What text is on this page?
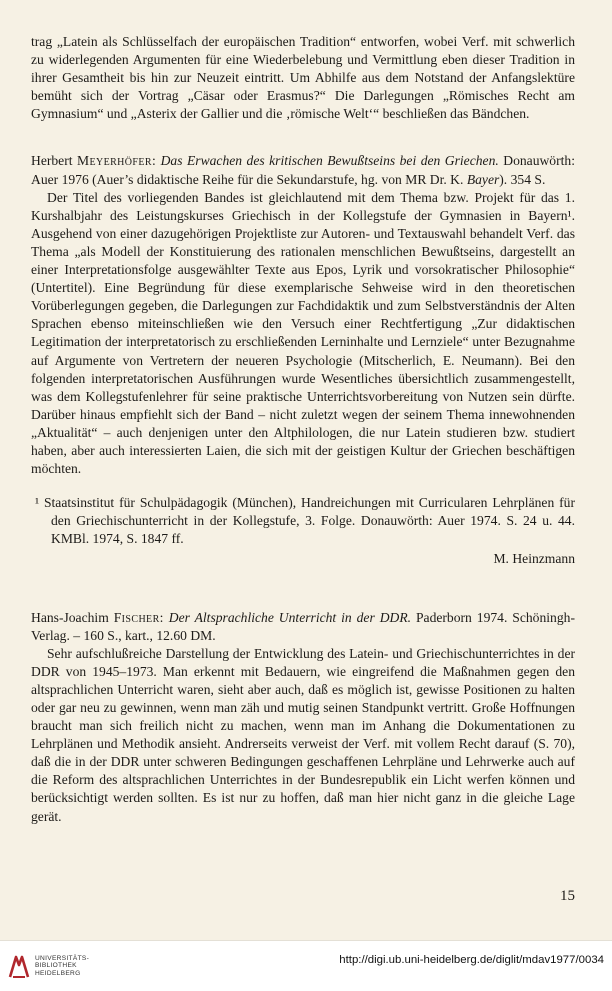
trag „Latein als Schlüsselfach der europäischen Tradition“ entworfen, wobei Verf. mit schwerlich zu widerlegenden Argumenten für eine Wiederbelebung und Vermittlung eben dieser Tradition in ihrer Gesamtheit bis hin zur Neuzeit eintritt. Um Abhilfe aus dem Notstand der Anfangslektüre bemüht sich der Vortrag „Cäsar oder Erasmus?“ Die Darlegungen „Römisches Recht am Gymnasium“ und „Asterix der Gallier und die ‚römische Welt‘“ beschließen das Bändchen.

Herbert Meyerhöfer: Das Erwachen des kritischen Bewußtseins bei den Griechen. Donauwörth: Auer 1976 (Auer’s didaktische Reihe für die Sekundarstufe, hg. von MR Dr. K. Bayer). 354 S.

Der Titel des vorliegenden Bandes ist gleichlautend mit dem Thema bzw. Projekt für das 1. Kurshalbjahr des Leistungskurses Griechisch in der Kollegstufe der Gymnasien in Bayern¹. Ausgehend von einer dazugehörigen Projektliste zur Autoren- und Textauswahl behandelt Verf. das Thema „als Modell der Konstituierung des rationalen menschlichen Bewußtseins, dargestellt an einer Interpretationsfolge ausgewählter Texte aus Epos, Lyrik und vorsokratischer Philosophie“ (Untertitel). Eine Begründung für diese exemplarische Sehweise wird in den theoretischen Vorüberlegungen gegeben, die Darlegungen zur Fachdidaktik und zum Selbstverständnis der Alten Sprachen ebenso miteinschließen wie den Versuch einer Rechtfertigung „Zur didaktischen Legitimation der interpretatorisch zu erschließenden Lerninhalte und Lernziele“ unter Bezugnahme auf Argumente von Vertretern der neueren Psychologie (Mitscherlich, E. Neumann). Bei den folgenden interpretatorischen Ausführungen wurde Wesentliches übersichtlich zusammengestellt, was dem Kollegstufenlehrer für seine praktische Unterrichtsvorbereitung von Nutzen sein dürfte. Darüber hinaus empfiehlt sich der Band – nicht zuletzt wegen der seinem Thema innewohnenden „Aktualität“ – auch denjenigen unter den Altphilologen, die nur Latein studieren bzw. studiert haben, aber auch interessierten Laien, die sich mit der geistigen Kultur der Griechen beschäftigen möchten.

¹ Staatsinstitut für Schulpädagogik (München), Handreichungen mit Curricularen Lehrplänen für den Griechischunterricht in der Kollegstufe, 3. Folge. Donauwörth: Auer 1974. S. 24 u. 44. KMBl. 1974, S. 1847 ff.

M. Heinzmann

Hans-Joachim Fischer: Der Altsprachliche Unterricht in der DDR. Paderborn 1974. Schöningh-Verlag. – 160 S., kart., 12.60 DM.

Sehr aufschlußreiche Darstellung der Entwicklung des Latein- und Griechischunterrichtes in der DDR von 1945–1973. Man erkennt mit Bedauern, wie eingreifend die Maßnahmen gegen den altsprachlichen Unterricht waren, sieht aber auch, daß es möglich ist, gewisse Positionen zu halten oder gar neu zu gewinnen, wenn man zäh und mutig seinen Standpunkt vertritt. Große Hoffnungen braucht man sich freilich nicht zu machen, wenn man im Anhang die Dokumentationen zu Lehrplänen und Methodik ansieht. Andrerseits verweist der Verf. mit vollem Recht darauf (S. 70), daß die in der DDR unter schweren Bedingungen geschaffenen Lehrpläne und Lehrwerke auch auf die Reform des altsprachlichen Unterrichtes in der Bundesrepublik ein Licht werfen können und berücksichtigt werden sollten. Es ist nur zu hoffen, daß man hier nicht ganz in die gleiche Lage gerät.

15
UNIVERSITÄTS-
BIBLIOTHEK
HEIDELBERG
http://digi.ub.uni-heidelberg.de/diglit/mdav1977/0034
